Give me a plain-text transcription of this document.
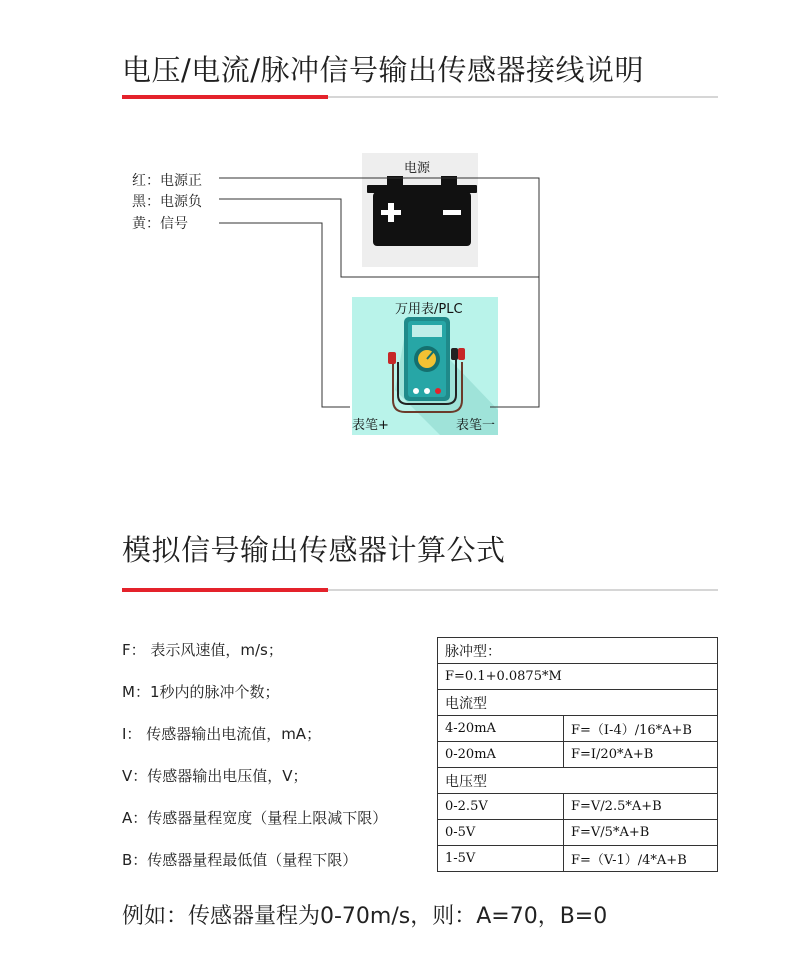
电压/电流/脉冲信号输出传感器接线说明
红：电源正
黑：电源负
黄：信号
电源
万用表/PLC
表笔+	表笔一
模拟信号输出传感器计算公式
F： 表示风速值，m/s；
M：1秒内的脉冲个数；
I： 传感器输出电流值，mA；
V：传感器输出电压值，V；
A：传感器量程宽度（量程上限减下限）
B：传感器量程最低值（量程下限）
脉冲型：	
F=0.1+0.0875*M	
电流型	
4-20mA	F=（I-4）/16*A+B
0-20mA	F=I/20*A+B
电压型	
0-2.5V	F=V/2.5*A+B
0-5V	F=V/5*A+B
1-5V	F=（V-1）/4*A+B
例如：传感器量程为0-70m/s，则：A=70，B=0
